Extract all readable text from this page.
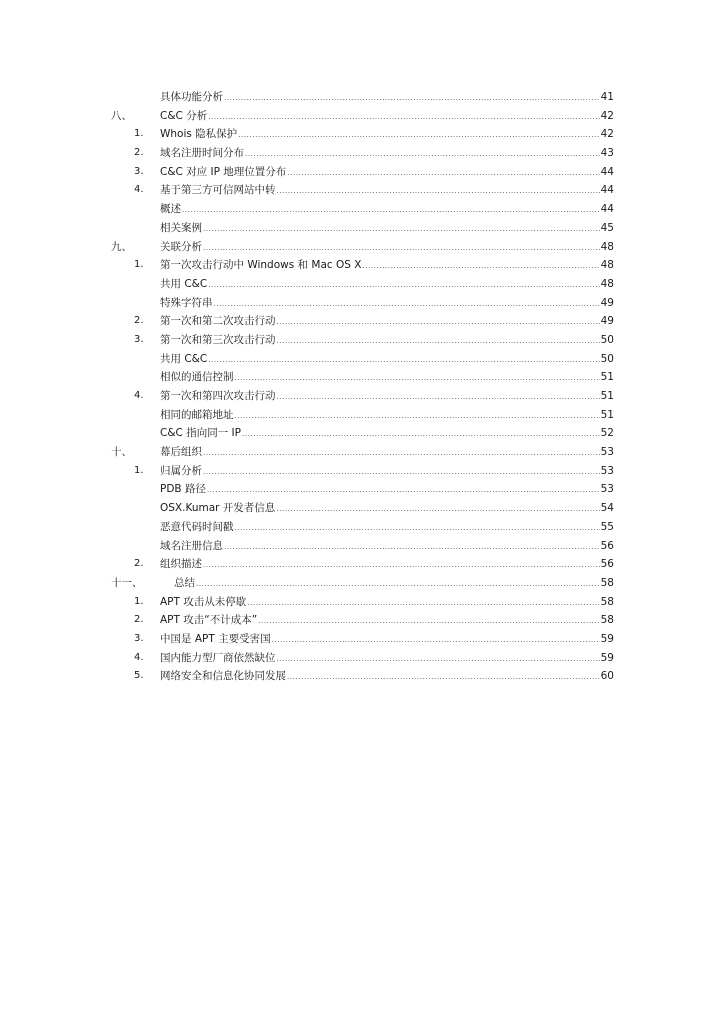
具体功能分析 .....	41
八、	C&C 分析 .....	42
1. Whois 隐私保护 .....	42
2. 域名注册时间分布 .....	43
3. C&C 对应 IP 地理位置分布 .....	44
4. 基于第三方可信网站中转 .....	44
概述 .....	44
相关案例 .....	45
九、	关联分析 .....	48
1. 第一次攻击行动中 Windows 和 Mac OS X .....	48
共用 C&C .....	48
特殊字符串 .....	49
2. 第一次和第二次攻击行动 .....	49
3. 第一次和第三次攻击行动 .....	50
共用 C&C .....	50
相似的通信控制 .....	51
4. 第一次和第四次攻击行动 .....	51
相同的邮箱地址 .....	51
C&C 指向同一 IP .....	52
十、	幕后组织 .....	53
1. 归属分析 .....	53
PDB 路径 .....	53
OSX.Kumar 开发者信息 .....	54
恶意代码时间戳 .....	55
域名注册信息 .....	56
2. 组织描述 .....	56
十一、	总结 .....	58
1. APT 攻击从未停歇 .....	58
2. APT 攻击“不计成本” .....	58
3. 中国是 APT 主要受害国 .....	59
4. 国内能力型厂商依然缺位 .....	59
5. 网络安全和信息化协同发展 .....	60
